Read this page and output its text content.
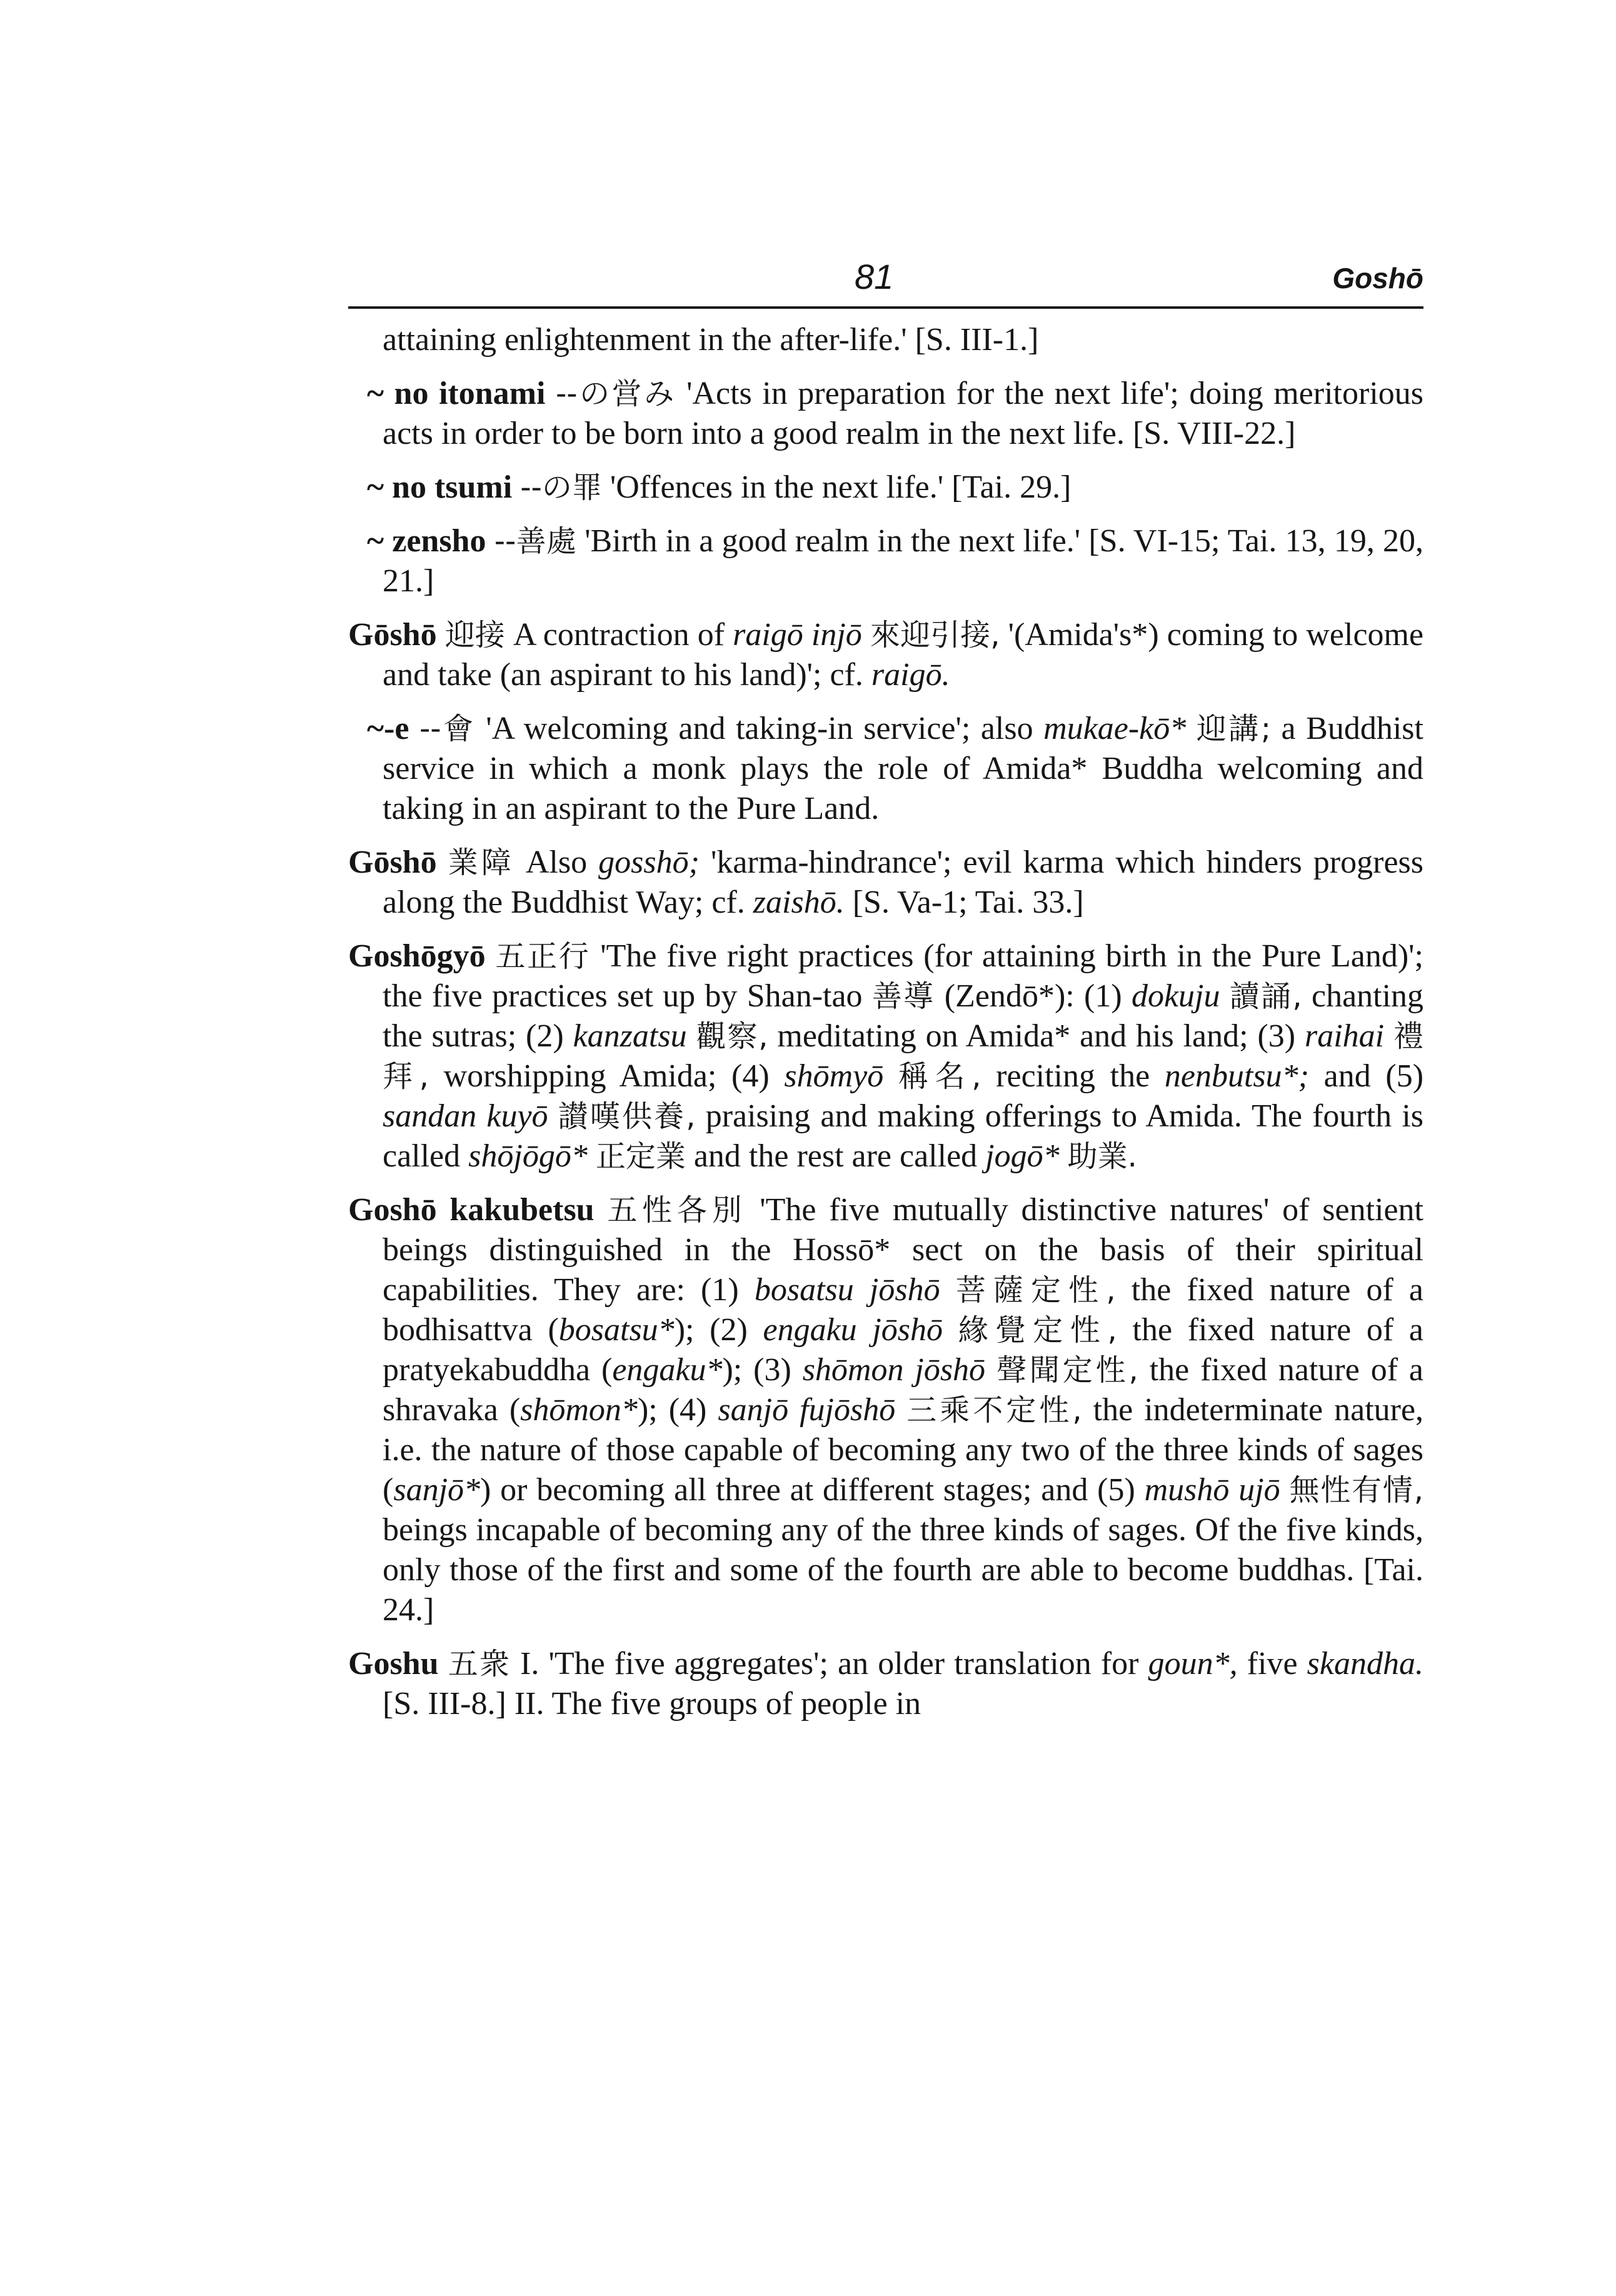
81	Goshō
attaining enlightenment in the after-life.' [S. III-1.]
~ no itonami --の営み 'Acts in preparation for the next life'; doing meritorious acts in order to be born into a good realm in the next life. [S. VIII-22.]
~ no tsumi --の罪 'Offences in the next life.' [Tai. 29.]
~ zensho --善處 'Birth in a good realm in the next life.' [S. VI-15; Tai. 13, 19, 20, 21.]
Gōshō 迎接 A contraction of raigō injō 來迎引接, '(Amida's*) coming to welcome and take (an aspirant to his land)'; cf. raigō.
~-e --會 'A welcoming and taking-in service'; also mukae-kō* 迎講; a Buddhist service in which a monk plays the role of Amida* Buddha welcoming and taking in an aspirant to the Pure Land.
Gōshō 業障 Also gosshō; 'karma-hindrance'; evil karma which hinders progress along the Buddhist Way; cf. zaishō. [S. Va-1; Tai. 33.]
Goshōgyō 五正行 'The five right practices (for attaining birth in the Pure Land)'; the five practices set up by Shan-tao 善導 (Zendō*): (1) dokuju 讀誦, chanting the sutras; (2) kanzatsu 觀察, meditating on Amida* and his land; (3) raihai 禮拜, worshipping Amida; (4) shōmyō 稱名, reciting the nenbutsu*; and (5) sandan kuyō 讃嘆供養, praising and making offerings to Amida. The fourth is called shōjōgō* 正定業 and the rest are called jogō* 助業.
Goshō kakubetsu 五性各別 'The five mutually distinctive natures' of sentient beings distinguished in the Hossō* sect on the basis of their spiritual capabilities. They are: (1) bosatsu jōshō 菩薩定性, the fixed nature of a bodhisattva (bosatsu*); (2) engaku jōshō 緣覺定性, the fixed nature of a pratyekabuddha (engaku*); (3) shōmon jōshō 聲聞定性, the fixed nature of a shravaka (shōmon*); (4) sanjō fujōshō 三乘不定性, the indeterminate nature, i.e. the nature of those capable of becoming any two of the three kinds of sages (sanjō*) or becoming all three at different stages; and (5) mushō ujō 無性有情, beings incapable of becoming any of the three kinds of sages. Of the five kinds, only those of the first and some of the fourth are able to become buddhas. [Tai. 24.]
Goshu 五衆 I. 'The five aggregates'; an older translation for goun*, five skandha. [S. III-8.] II. The five groups of people in
